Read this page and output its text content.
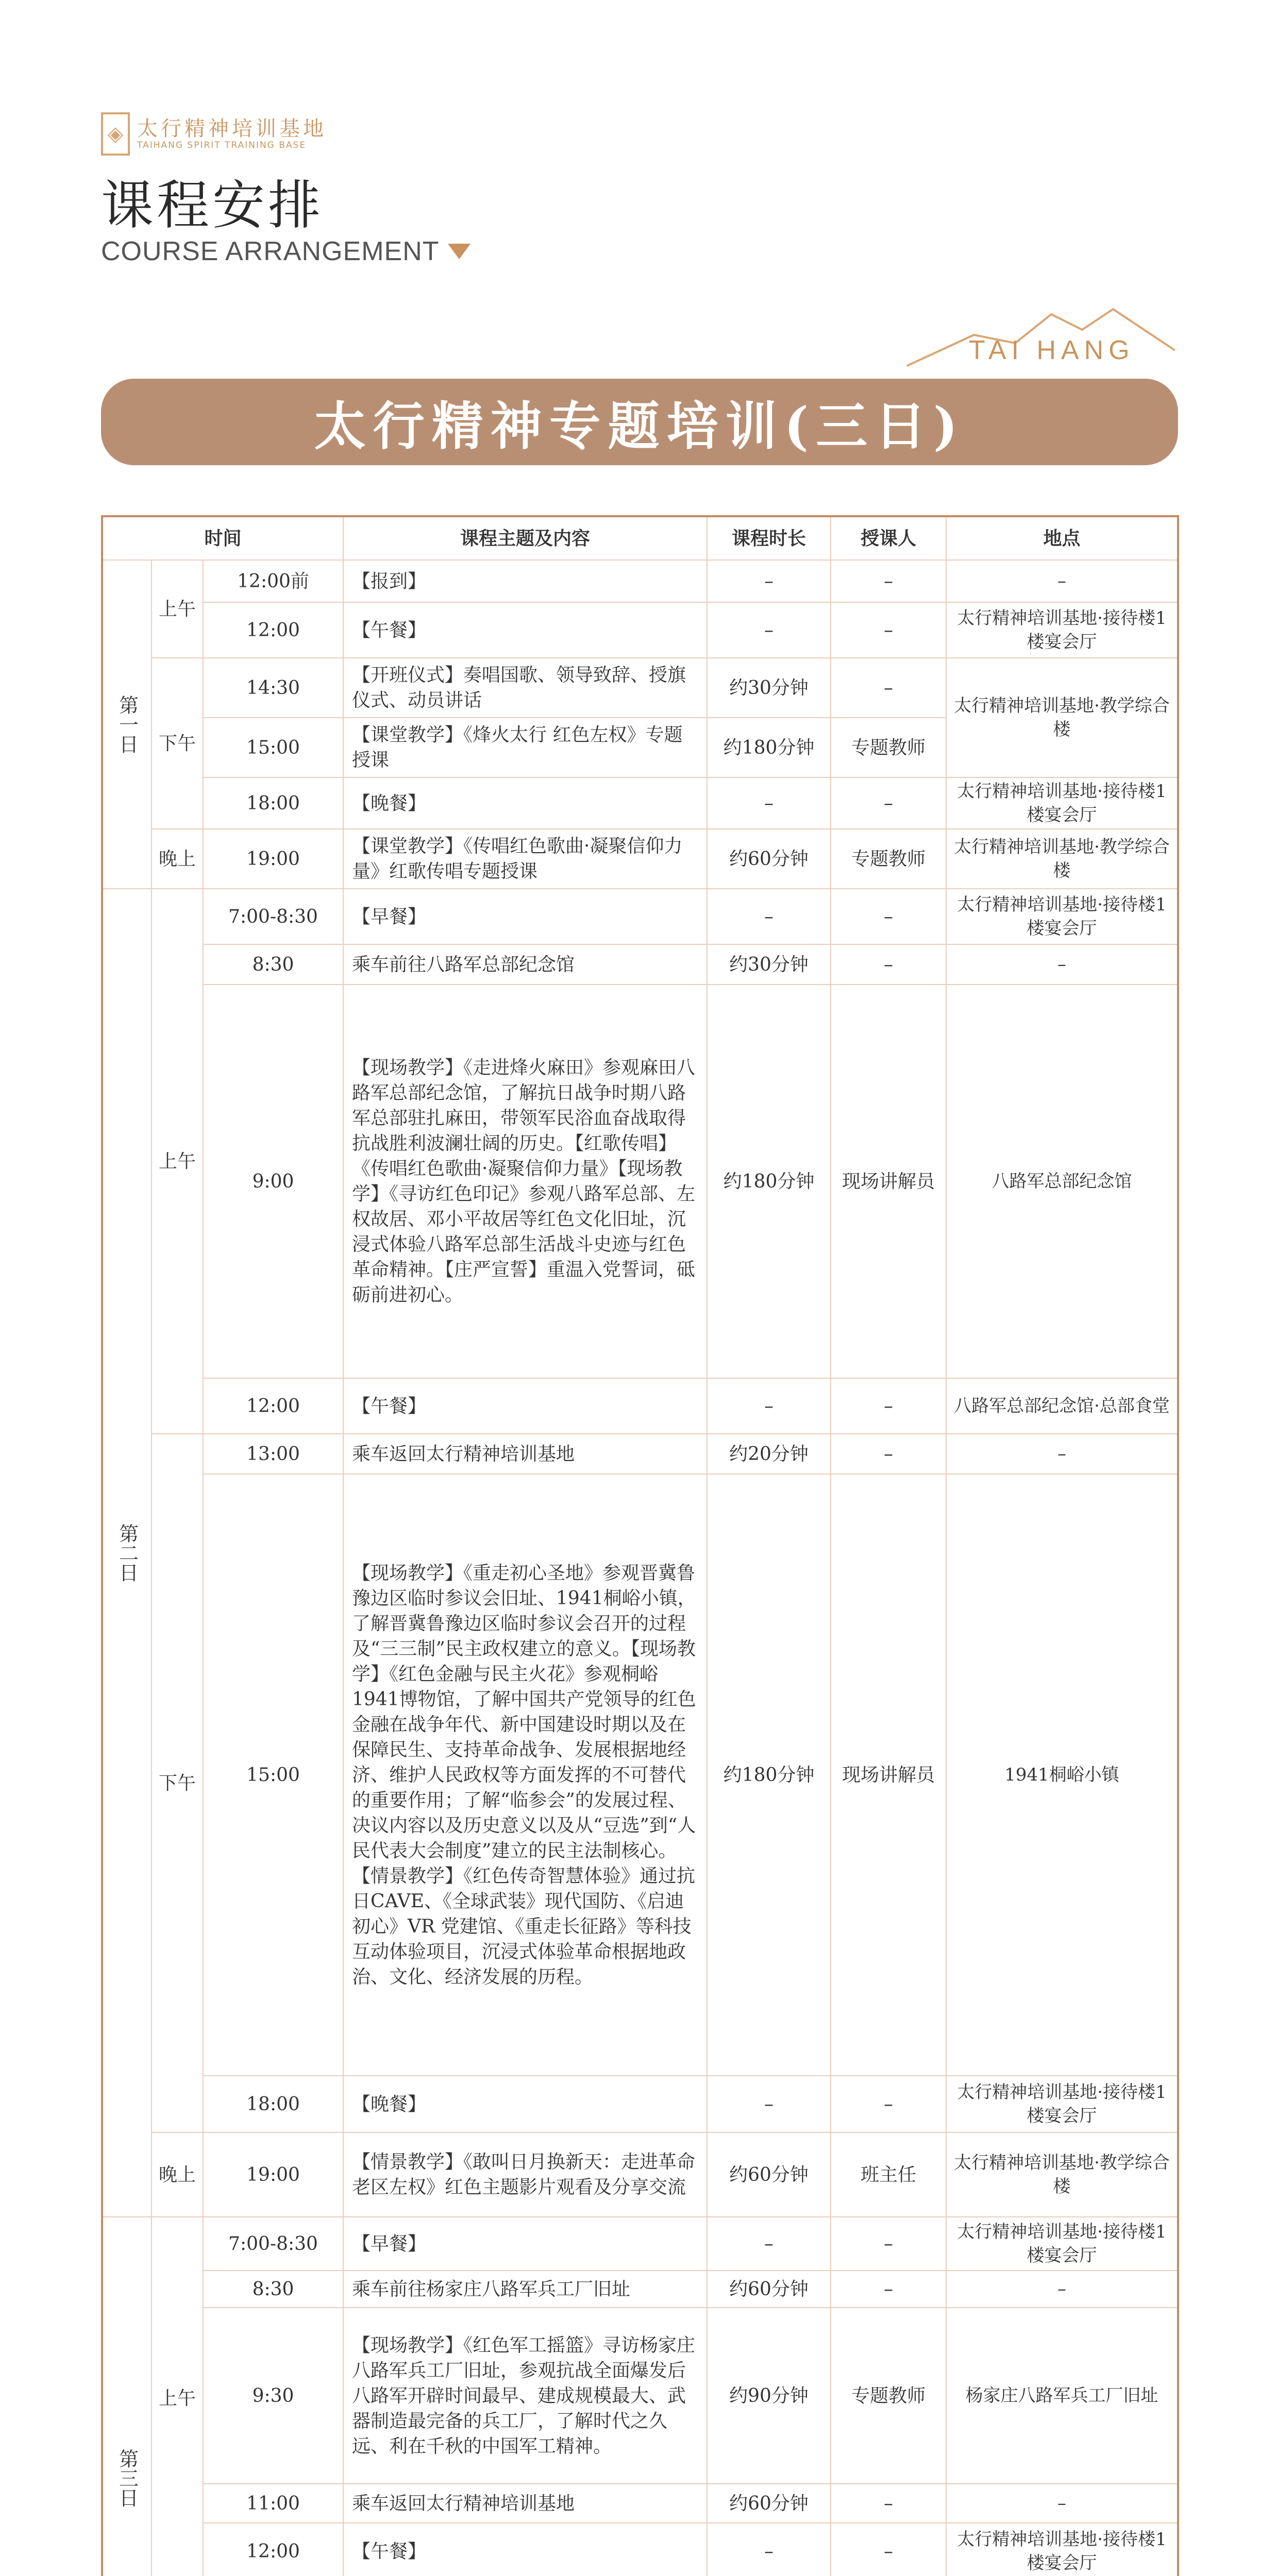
◈ 太行精神培训基地
TAIHANG SPIRIT TRAINING BASE
课程安排
COURSE ARRANGEMENT
TAI HANG
太行精神专题培训(三日)
时间			课程主题及内容	课程时长	授课人	地点
第一日	上午	12:00前	【报到】	–	–	–
		12:00	【午餐】	–	–	太行精神培训基地·接待楼1楼宴会厅
	下午	14:30	【开班仪式】奏唱国歌、领导致辞、授旗仪式、动员讲话	约30分钟	–	太行精神培训基地·教学综合楼
		15:00	【课堂教学】《烽火太行 红色左权》专题授课	约180分钟	专题教师	
		18:00	【晚餐】	–	–	太行精神培训基地·接待楼1楼宴会厅
	晚上	19:00	【课堂教学】《传唱红色歌曲·凝聚信仰力量》红歌传唱专题授课	约60分钟	专题教师	太行精神培训基地·教学综合楼

第二日	上午	7:00-8:30	【早餐】	–	–	太行精神培训基地·接待楼1楼宴会厅
		8:30	乘车前往八路军总部纪念馆	约30分钟	–	–
		9:00	【现场教学】《走进烽火麻田》参观麻田八路军总部纪念馆，了解抗日战争时期八路军总部驻扎麻田，带领军民浴血奋战取得抗战胜利波澜壮阔的历史。【红歌传唱】《传唱红色歌曲·凝聚信仰力量》【现场教学】《寻访红色印记》参观八路军总部、左权故居、邓小平故居等红色文化旧址，沉浸式体验八路军总部生活战斗史迹与红色革命精神。【庄严宣誓】重温入党誓词，砥砺前进初心。	约180分钟	现场讲解员	八路军总部纪念馆
		12:00	【午餐】	–	–	八路军总部纪念馆·总部食堂
	下午	13:00	乘车返回太行精神培训基地	约20分钟	–	–
		15:00	【现场教学】《重走初心圣地》参观晋冀鲁豫边区临时参议会旧址、1941桐峪小镇，了解晋冀鲁豫边区临时参议会召开的过程及“三三制”民主政权建立的意义。【现场教学】《红色金融与民主火花》参观桐峪1941博物馆，了解中国共产党领导的红色金融在战争年代、新中国建设时期以及在保障民生、支持革命战争、发展根据地经济、维护人民政权等方面发挥的不可替代的重要作用；了解“临参会”的发展过程、决议内容以及历史意义以及从“豆选”到“人民代表大会制度”建立的民主法制核心。【情景教学】《红色传奇智慧体验》通过抗日CAVE、《全球武装》现代国防、《启迪初心》VR 党建馆、《重走长征路》等科技互动体验项目，沉浸式体验革命根据地政治、文化、经济发展的历程。	约180分钟	现场讲解员	1941桐峪小镇
		18:00	【晚餐】	–	–	太行精神培训基地·接待楼1楼宴会厅
	晚上	19:00	【情景教学】《敢叫日月换新天：走进革命老区左权》红色主题影片观看及分享交流	约60分钟	班主任	太行精神培训基地·教学综合楼

第三日	上午	7:00-8:30	【早餐】	–	–	太行精神培训基地·接待楼1楼宴会厅
		8:30	乘车前往杨家庄八路军兵工厂旧址	约60分钟	–	–
		9:30	【现场教学】《红色军工摇篮》寻访杨家庄八路军兵工厂旧址，参观抗战全面爆发后八路军开辟时间最早、建成规模最大、武器制造最完备的兵工厂，了解时代之久远、利在千秋的中国军工精神。	约90分钟	专题教师	杨家庄八路军兵工厂旧址
		11:00	乘车返回太行精神培训基地	约60分钟	–	–
		12:00	【午餐】	–	–	太行精神培训基地·接待楼1楼宴会厅
